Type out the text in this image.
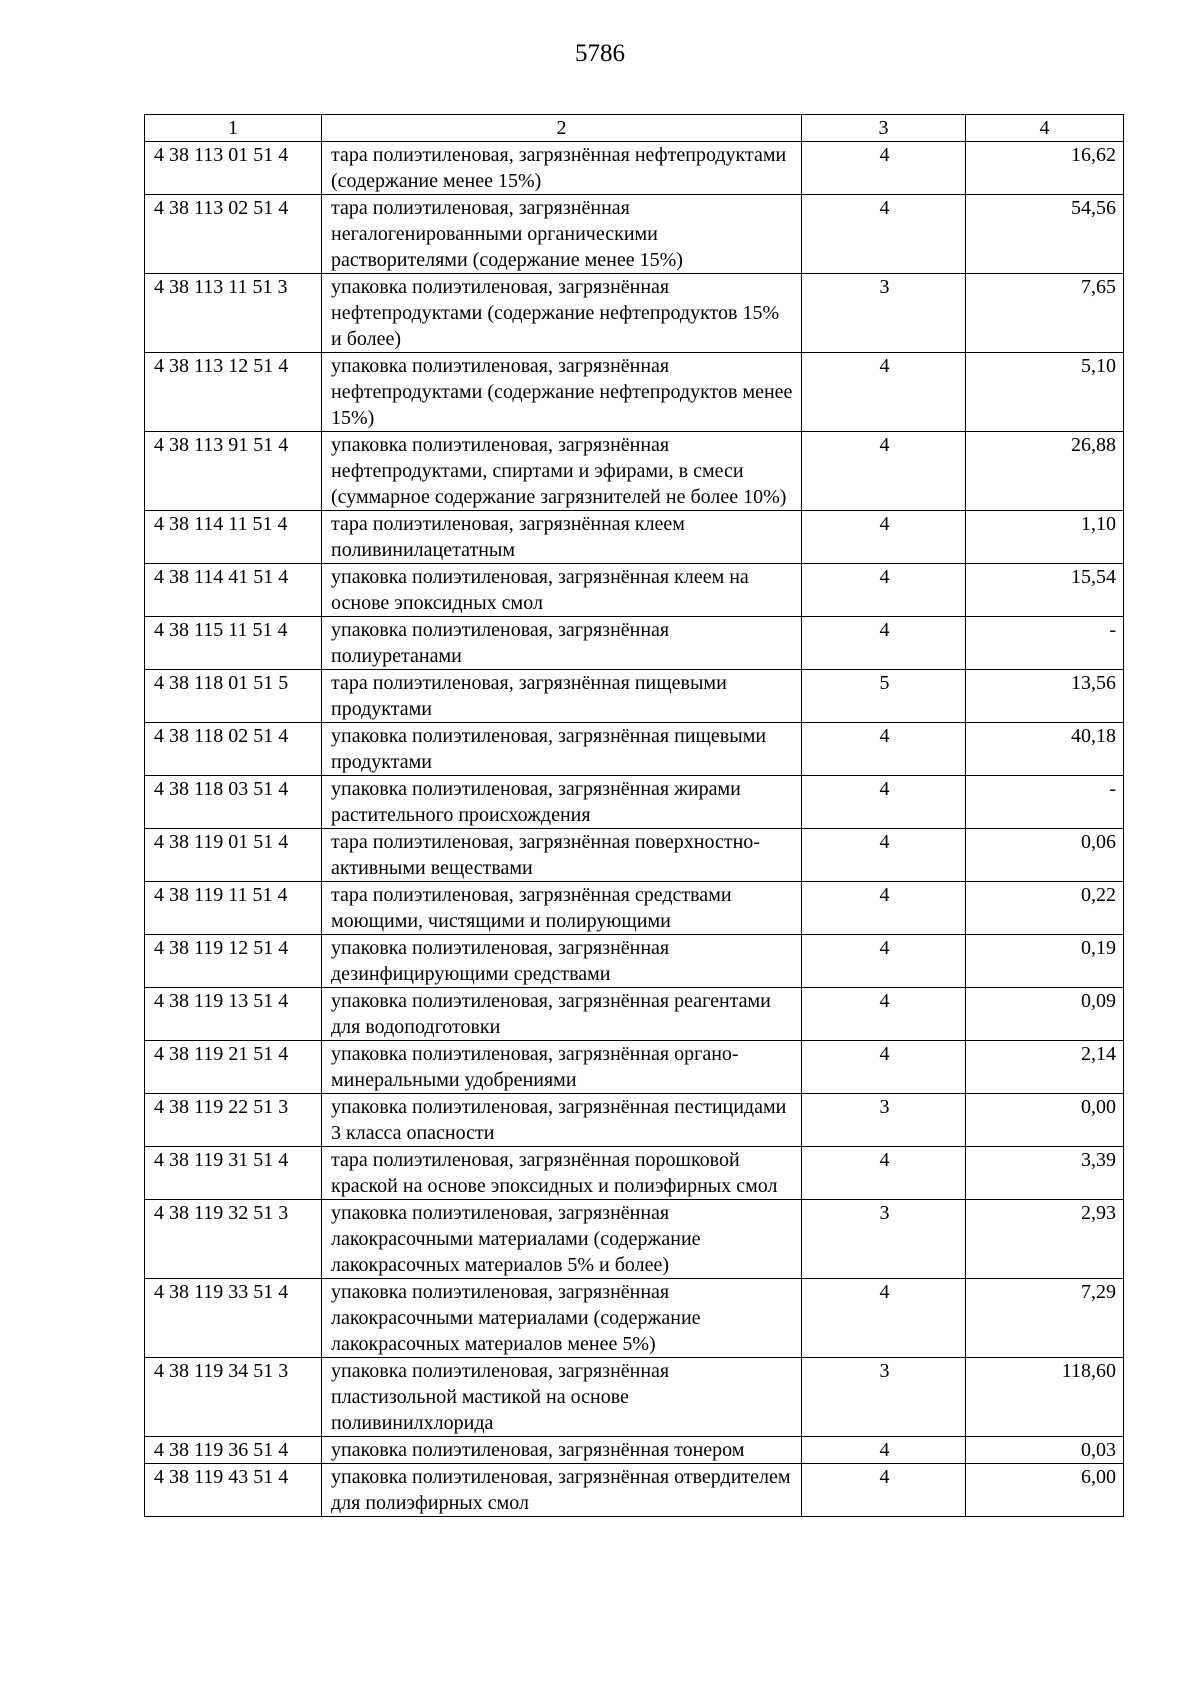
5786
1	2	3	4
4 38 113 01 51 4	тара полиэтиленовая, загрязнённая нефтепродуктами (содержание менее 15%)	4	16,62
4 38 113 02 51 4	тара полиэтиленовая, загрязнённая негалогенированными органическими растворителями (содержание менее 15%)	4	54,56
4 38 113 11 51 3	упаковка полиэтиленовая, загрязнённая нефтепродуктами (содержание нефтепродуктов 15% и более)	3	7,65
4 38 113 12 51 4	упаковка полиэтиленовая, загрязнённая нефтепродуктами (содержание нефтепродуктов менее 15%)	4	5,10
4 38 113 91 51 4	упаковка полиэтиленовая, загрязнённая нефтепродуктами, спиртами и эфирами, в смеси (суммарное содержание загрязнителей не более 10%)	4	26,88
4 38 114 11 51 4	тара полиэтиленовая, загрязнённая клеем поливинилацетатным	4	1,10
4 38 114 41 51 4	упаковка полиэтиленовая, загрязнённая клеем на основе эпоксидных смол	4	15,54
4 38 115 11 51 4	упаковка полиэтиленовая, загрязнённая полиуретанами	4	-
4 38 118 01 51 5	тара полиэтиленовая, загрязнённая пищевыми продуктами	5	13,56
4 38 118 02 51 4	упаковка полиэтиленовая, загрязнённая пищевыми продуктами	4	40,18
4 38 118 03 51 4	упаковка полиэтиленовая, загрязнённая жирами растительного происхождения	4	-
4 38 119 01 51 4	тара полиэтиленовая, загрязнённая поверхностно-активными веществами	4	0,06
4 38 119 11 51 4	тара полиэтиленовая, загрязнённая средствами моющими, чистящими и полирующими	4	0,22
4 38 119 12 51 4	упаковка полиэтиленовая, загрязнённая дезинфицирующими средствами	4	0,19
4 38 119 13 51 4	упаковка полиэтиленовая, загрязнённая реагентами для водоподготовки	4	0,09
4 38 119 21 51 4	упаковка полиэтиленовая, загрязнённая органо-минеральными удобрениями	4	2,14
4 38 119 22 51 3	упаковка полиэтиленовая, загрязнённая пестицидами 3 класса опасности	3	0,00
4 38 119 31 51 4	тара полиэтиленовая, загрязнённая порошковой краской на основе эпоксидных и полиэфирных смол	4	3,39
4 38 119 32 51 3	упаковка полиэтиленовая, загрязнённая лакокрасочными материалами (содержание лакокрасочных материалов 5% и более)	3	2,93
4 38 119 33 51 4	упаковка полиэтиленовая, загрязнённая лакокрасочными материалами (содержание лакокрасочных материалов менее 5%)	4	7,29
4 38 119 34 51 3	упаковка полиэтиленовая, загрязнённая пластизольной мастикой на основе поливинилхлорида	3	118,60
4 38 119 36 51 4	упаковка полиэтиленовая, загрязнённая тонером	4	0,03
4 38 119 43 51 4	упаковка полиэтиленовая, загрязнённая отвердителем для полиэфирных смол	4	6,00
